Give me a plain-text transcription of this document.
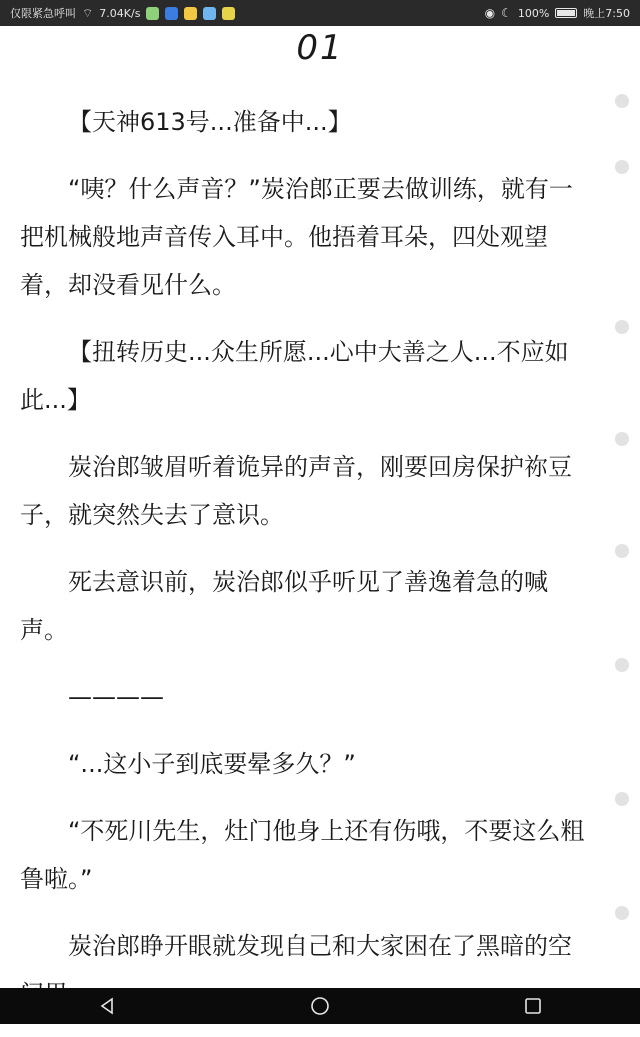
仅限紧急呼叫 ⌔ 7.04K/s	◉ ☾ 100%	晚上7:50
01

【天神613号...准备中...】

“咦？什么声音？”炭治郎正要去做训练，就有一把机械般地声音传入耳中。他捂着耳朵，四处观望着，却没看见什么。

【扭转历史...众生所愿...心中大善之人...不应如此...】

炭治郎皱眉听着诡异的声音，刚要回房保护祢豆子，就突然失去了意识。

死去意识前，炭治郎似乎听见了善逸着急的喊声。

————

“...这小子到底要晕多久？”

“不死川先生，灶门他身上还有伤哦，不要这么粗鲁啦。”

炭治郎睁开眼就发现自己和大家困在了黑暗的空
